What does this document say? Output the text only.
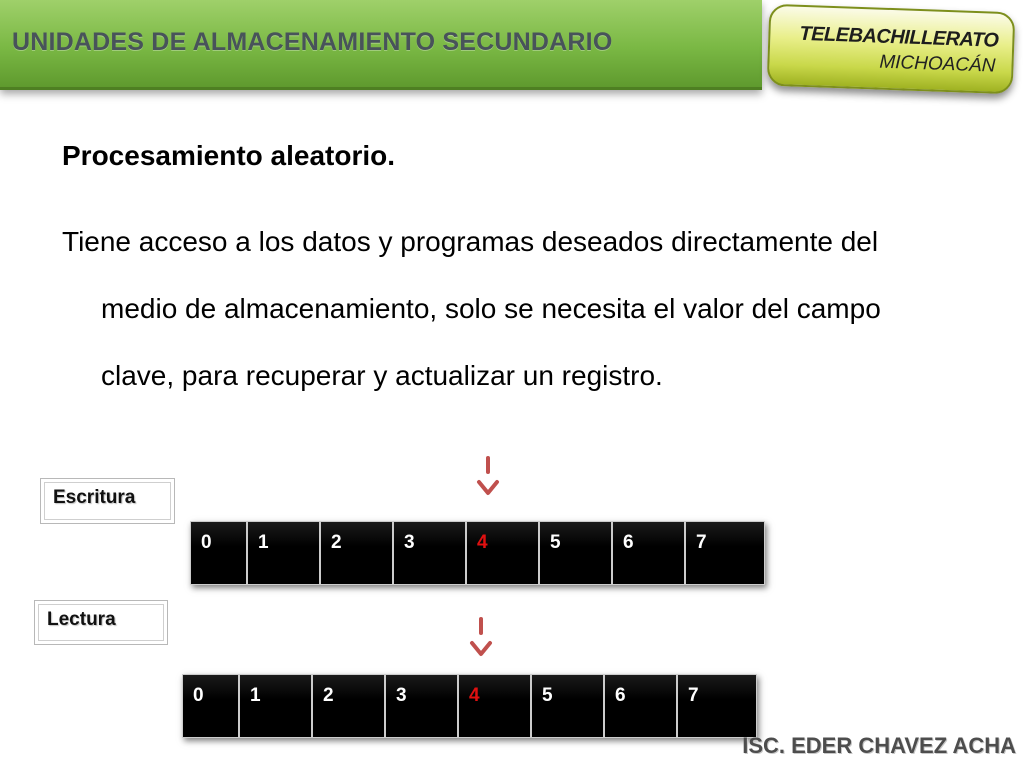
UNIDADES DE ALMACENAMIENTO SECUNDARIO	TELEBACHILLERATO
MICHOACÁN
Procesamiento aleatorio.
Tiene acceso a los datos y programas deseados directamente del medio de almacenamiento, solo se necesita el valor del campo clave, para recuperar y actualizar un registro.
Escritura
0	1	2	3	4	5	6	7
Lectura
0	1	2	3	4	5	6	7
ISC. EDER CHAVEZ ACHA
